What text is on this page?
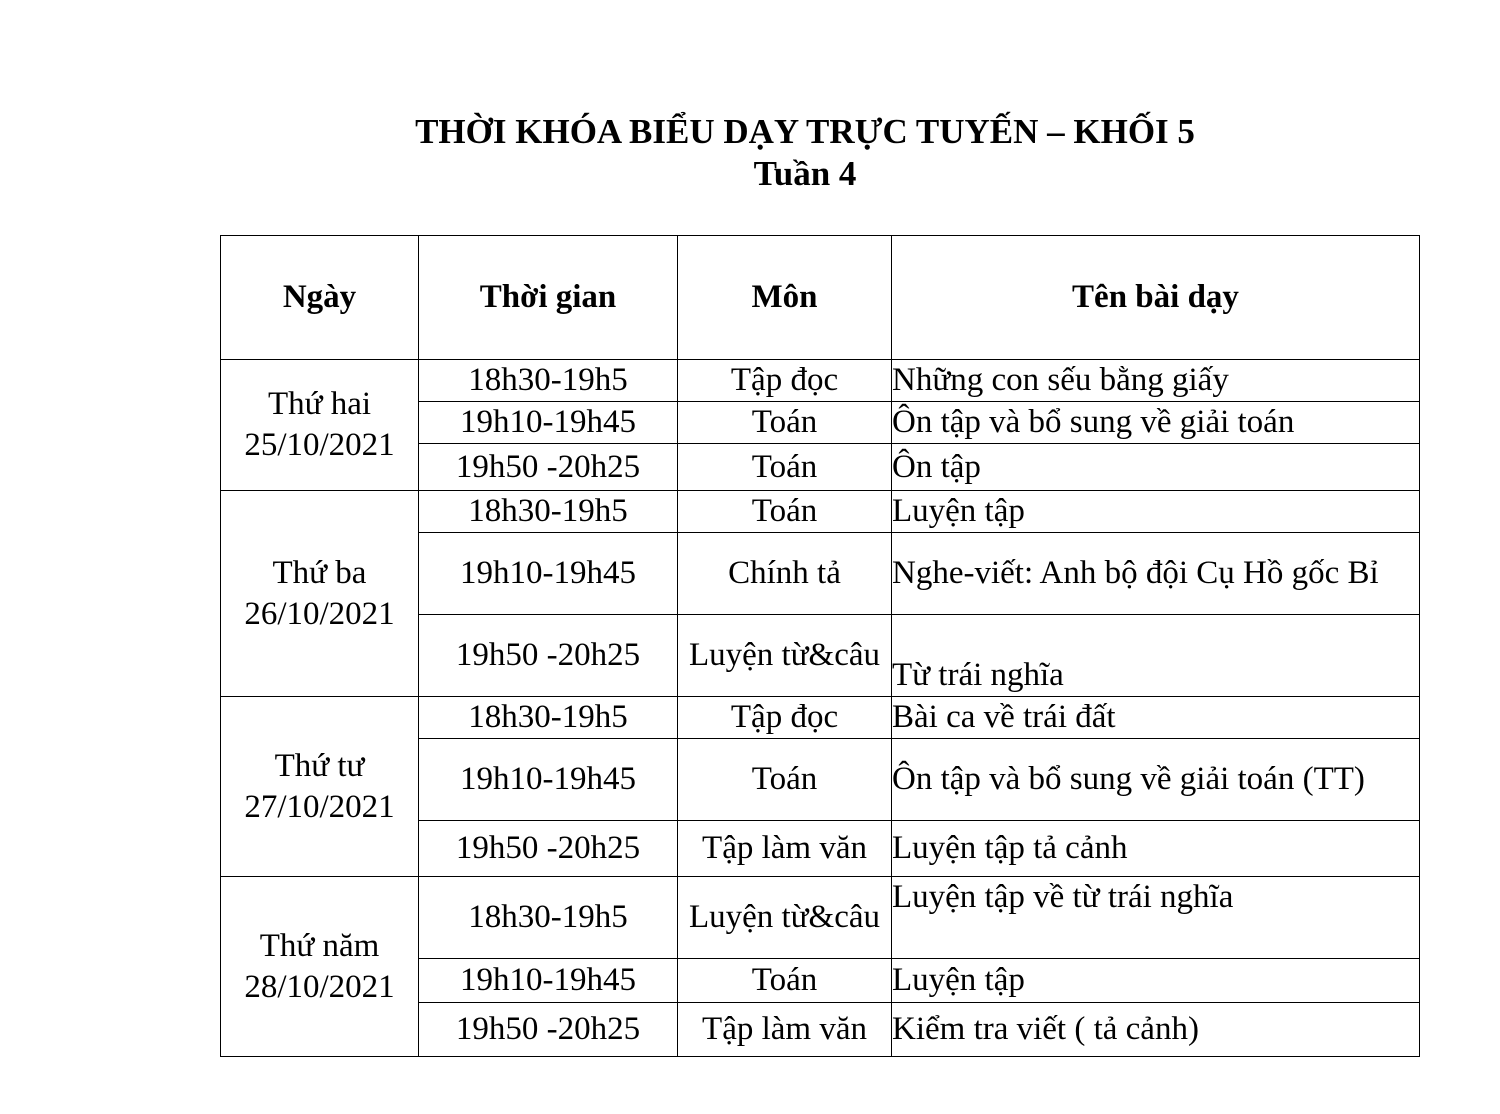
THỜI KHÓA BIỂU DẠY TRỰC TUYẾN – KHỐI 5
Tuần 4
Ngày	Thời gian	Môn	Tên bài dạy

Thứ hai
25/10/2021	18h30-19h5	Tập đọc	Những con sếu bằng giấy
	19h10-19h45	Toán	Ôn tập và bổ sung về giải toán
	19h50 -20h25	Toán	Ôn tập

Thứ ba
26/10/2021	18h30-19h5	Toán	Luyện tập
	19h10-19h45	Chính tả	Nghe-viết: Anh bộ đội Cụ Hồ gốc Bỉ
	19h50 -20h25	Luyện từ&câu	Từ trái nghĩa

Thứ tư
27/10/2021	18h30-19h5	Tập đọc	Bài ca về trái đất
	19h10-19h45	Toán	Ôn tập và bổ sung về giải toán (TT)
	19h50 -20h25	Tập làm văn	Luyện tập tả cảnh

Thứ năm
28/10/2021	18h30-19h5	Luyện từ&câu	Luyện tập về từ trái nghĩa
	19h10-19h45	Toán	Luyện tập
	19h50 -20h25	Tập làm văn	Kiểm tra viết ( tả cảnh)
